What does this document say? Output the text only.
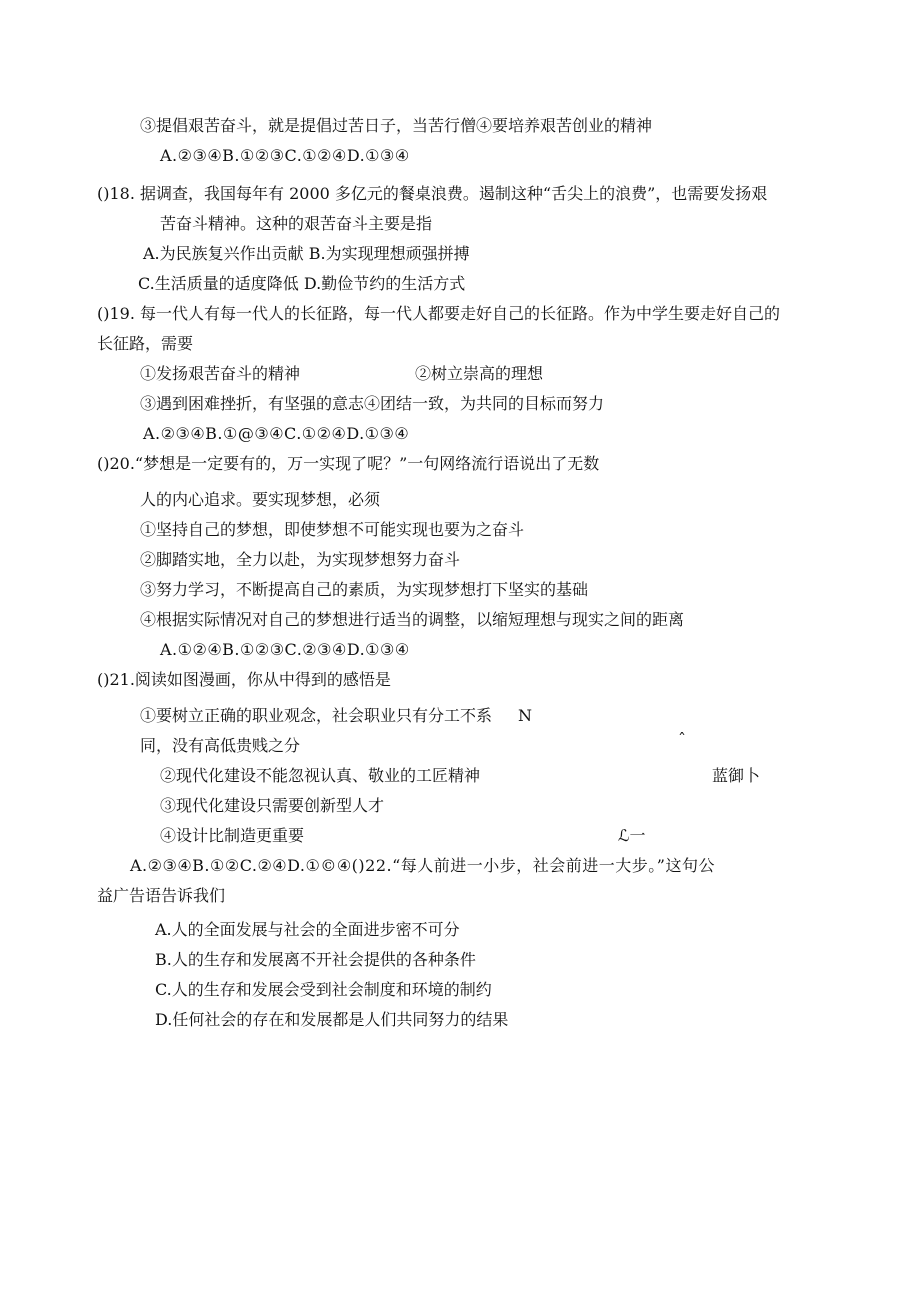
③提倡艰苦奋斗，就是提倡过苦日子，当苦行僧④要培养艰苦创业的精神
A.②③④B.①②③C.①②④D.①③④
()18. 据调查，我国每年有 2000 多亿元的餐桌浪费。遏制这种“舌尖上的浪费”，也需要发扬艰
苦奋斗精神。这种的艰苦奋斗主要是指
A.为民族复兴作出贡献 B.为实现理想顽强拼搏
C.生活质量的适度降低 D.勤俭节约的生活方式
()19. 每一代人有每一代人的长征路，每一代人都要走好自己的长征路。作为中学生要走好自己的
长征路，需要
①发扬艰苦奋斗的精神	②树立崇高的理想
③遇到困难挫折，有坚强的意志④团结一致，为共同的目标而努力
A.②③④B.①@③④C.①②④D.①③④
()20.“梦想是一定要有的，万一实现了呢？”一句网络流行语说出了无数
人的内心追求。要实现梦想，必须
①坚持自己的梦想，即使梦想不可能实现也要为之奋斗
②脚踏实地，全力以赴，为实现梦想努力奋斗
③努力学习，不断提高自己的素质，为实现梦想打下坚实的基础
④根据实际情况对自己的梦想进行适当的调整，以缩短理想与现实之间的距离
A.①②④B.①②③C.②③④D.①③④
()21.阅读如图漫画，你从中得到的感悟是
①要树立正确的职业观念，社会职业只有分工不系 N
同，没有高低贵贱之分	ˆ
②现代化建设不能忽视认真、敬业的工匠精神	蓝御卜
③现代化建设只需要创新型人才
④设计比制造更重要	ℒ一
A.②③④B.①②C.②④D.①©④()22.“每人前进一小步，社会前进一大步。”这句公
益广告语告诉我们
A.人的全面发展与社会的全面进步密不可分
B.人的生存和发展离不开社会提供的各种条件
C.人的生存和发展会受到社会制度和环境的制约
D.任何社会的存在和发展都是人们共同努力的结果
